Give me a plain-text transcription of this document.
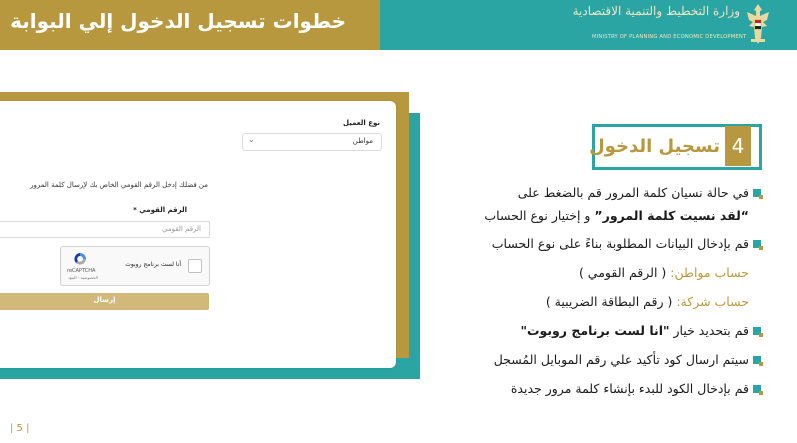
خطوات تسجيل الدخول إلي البوابة	وزارة التخطيط والتنمية الاقتصادية
MINISTRY OF PLANNING AND ECONOMIC DEVELOPMENT
نوع العميل
مواطن
⌄
من فضلك إدخل الرقم القومي الخاص بك لإرسال كلمة المرور
الرقم القومي *
الرقم القومي
أنا لست برنامج روبوت
reCAPTCHA
الخصوصية - البنود
إرسال
4
تسجيل الدخول
في حالة نسيان كلمة المرور قم بالضغط على
“لقد نسيت كلمة المرور” و إختيار نوع الحساب
قم بإدخال البيانات المطلوبة بناءً على نوع الحساب
حساب مواطن: ( الرقم القومي )
حساب شركة: ( رقم البطاقة الضريبية )
قم بتحديد خيار "انا لست برنامج روبوت"
سيتم ارسال كود تأكيد علي رقم الموبايل المُسجل
قم بإدخال الكود للبدء بإنشاء كلمة مرور جديدة
| 5 |
